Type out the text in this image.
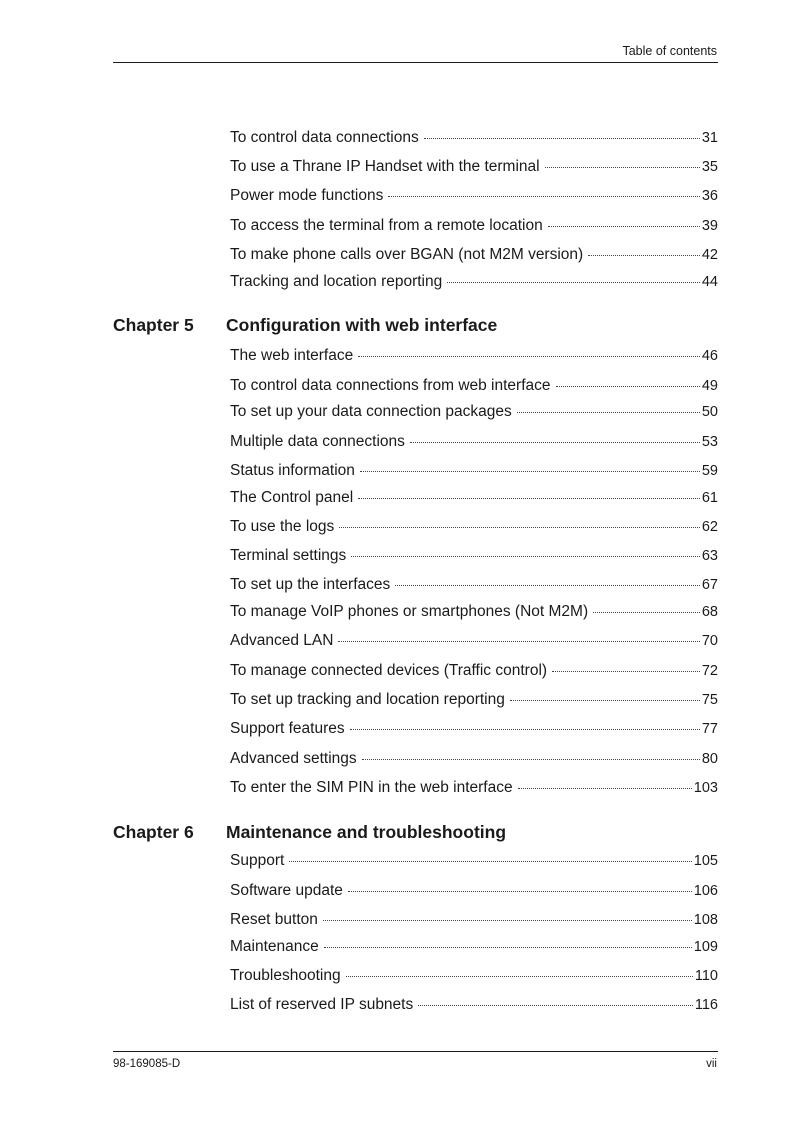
Table of contents
To control data connections	31
To use a Thrane IP Handset with the terminal	35
Power mode functions	36
To access the terminal from a remote location	39
To make phone calls over BGAN (not M2M version)	42
Tracking and location reporting	44
Chapter 5 Configuration with web interface
The web interface	46
To control data connections from web interface	49
To set up your data connection packages	50
Multiple data connections	53
Status information	59
The Control panel	61
To use the logs	62
Terminal settings	63
To set up the interfaces	67
To manage VoIP phones or smartphones (Not M2M)	68
Advanced LAN	70
To manage connected devices (Traffic control)	72
To set up tracking and location reporting	75
Support features	77
Advanced settings	80
To enter the SIM PIN in the web interface	103
Chapter 6 Maintenance and troubleshooting
Support	105
Software update	106
Reset button	108
Maintenance	109
Troubleshooting	110
List of reserved IP subnets	116
98-169085-D	vii
